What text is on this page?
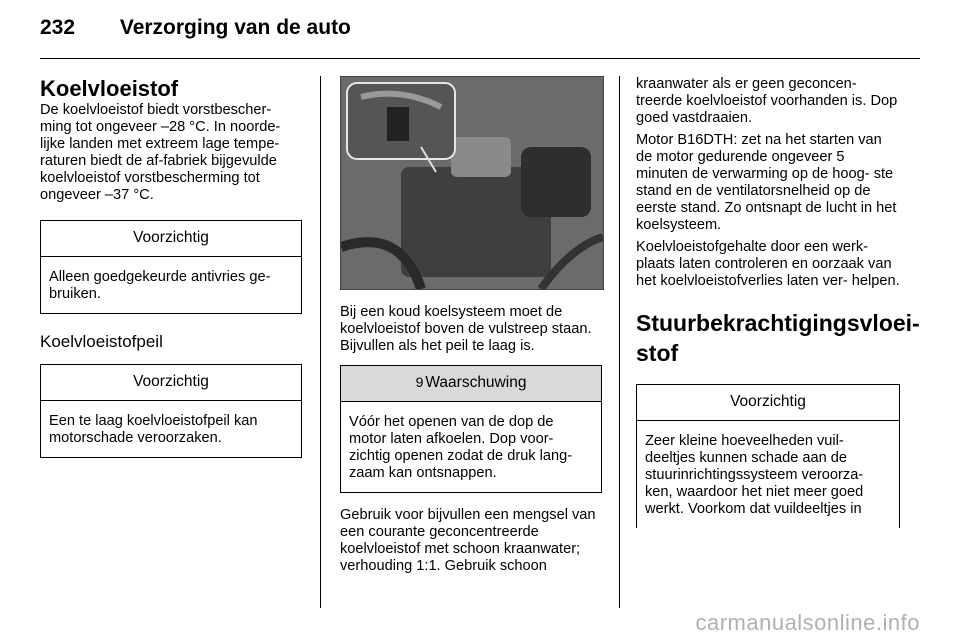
232 Verzorging van de auto
Koelvloeistof

De koelvloeistof biedt vorstbescher- ming tot ongeveer –28 °C. In noorde- lijke landen met extreem lage tempe- raturen biedt de af-fabriek bijgevulde koelvloeistof vorstbescherming tot ongeveer –37 °C.

Voorzichtig
Alleen goedgekeurde antivries ge- bruiken.
Koelvloeistofpeil
Voorzichtig
Een te laag koelvloeistofpeil kan motorschade veroorzaken.

Bij een koud koelsysteem moet de koelvloeistof boven de vulstreep staan. Bijvullen als het peil te laag is.

9 Waarschuwing
Vóór het openen van de dop de motor laten afkoelen. Dop voor- zichtig openen zodat de druk lang- zaam kan ontsnappen.

Gebruik voor bijvullen een mengsel van een courante geconcentreerde koelvloeistof met schoon kraanwater; verhouding 1:1. Gebruik schoon

kraanwater als er geen geconcen- treerde koelvloeistof voorhanden is. Dop goed vastdraaien.

Motor B16DTH: zet na het starten van de motor gedurende ongeveer 5 minuten de verwarming op de hoog- ste stand en de ventilatorsnelheid op de eerste stand. Zo ontsnapt de lucht in het koelsysteem.

Koelvloeistofgehalte door een werk- plaats laten controleren en oorzaak van het koelvloeistofverlies laten ver- helpen.

Stuurbekrachtigingsvloei- stof
Voorzichtig
Zeer kleine hoeveelheden vuil- deeltjes kunnen schade aan de stuurinrichtingssysteem veroorza- ken, waardoor het niet meer goed werkt. Voorkom dat vuildeeltjes in
carmanualsonline.info
